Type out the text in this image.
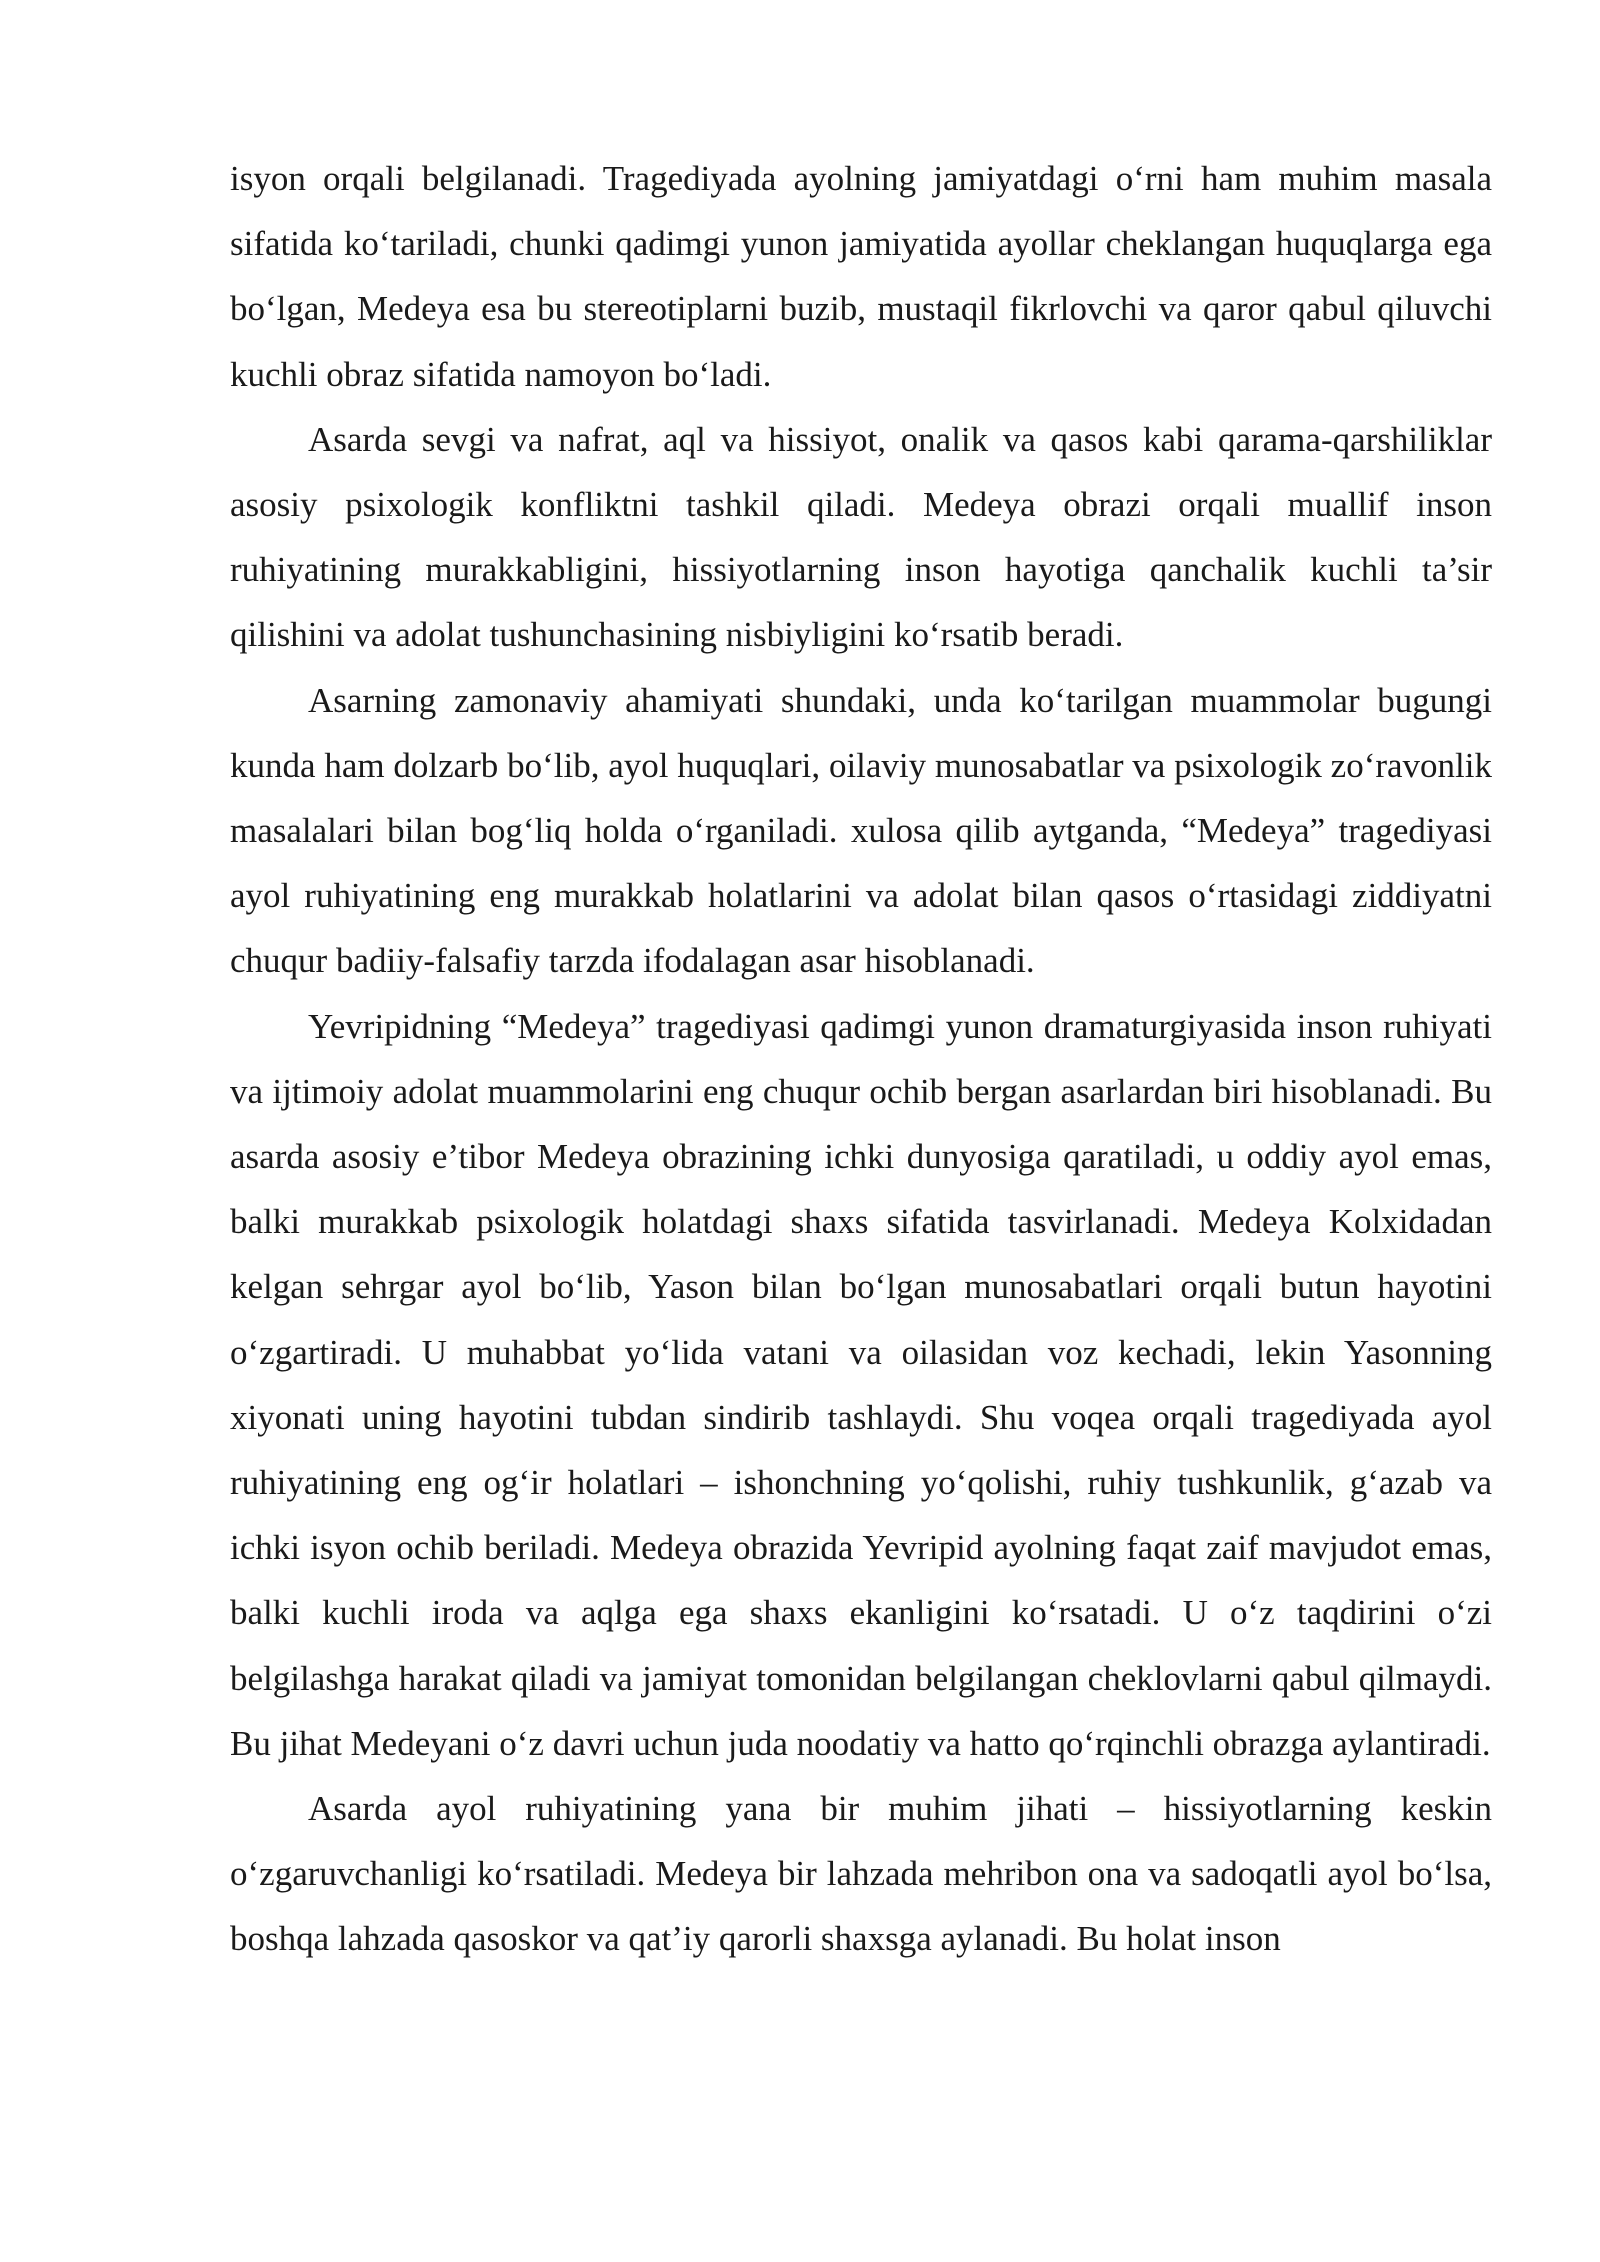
isyon orqali belgilanadi. Tragediyada ayolning jamiyatdagi o‘rni ham muhim masala sifatida ko‘tariladi, chunki qadimgi yunon jamiyatida ayollar cheklangan huquqlarga ega bo‘lgan, Medeya esa bu stereotiplarni buzib, mustaqil fikrlovchi va qaror qabul qiluvchi kuchli obraz sifatida namoyon bo‘ladi.

Asarda sevgi va nafrat, aql va hissiyot, onalik va qasos kabi qarama-qarshiliklar asosiy psixologik konfliktni tashkil qiladi. Medeya obrazi orqali muallif inson ruhiyatining murakkabligini, hissiyotlarning inson hayotiga qanchalik kuchli ta’sir qilishini va adolat tushunchasining nisbiyligini ko‘rsatib beradi.

Asarning zamonaviy ahamiyati shundaki, unda ko‘tarilgan muammolar bugungi kunda ham dolzarb bo‘lib, ayol huquqlari, oilaviy munosabatlar va psixologik zo‘ravonlik masalalari bilan bog‘liq holda o‘rganiladi. xulosa qilib aytganda, “Medeya” tragediyasi ayol ruhiyatining eng murakkab holatlarini va adolat bilan qasos o‘rtasidagi ziddiyatni chuqur badiiy-falsafiy tarzda ifodalagan asar hisoblanadi.

Yevripidning “Medeya” tragediyasi qadimgi yunon dramaturgiyasida inson ruhiyati va ijtimoiy adolat muammolarini eng chuqur ochib bergan asarlardan biri hisoblanadi. Bu asarda asosiy e’tibor Medeya obrazining ichki dunyosiga qaratiladi, u oddiy ayol emas, balki murakkab psixologik holatdagi shaxs sifatida tasvirlanadi. Medeya Kolxidadan kelgan sehrgar ayol bo‘lib, Yason bilan bo‘lgan munosabatlari orqali butun hayotini o‘zgartiradi. U muhabbat yo‘lida vatani va oilasidan voz kechadi, lekin Yasonning xiyonati uning hayotini tubdan sindirib tashlaydi. Shu voqea orqali tragediyada ayol ruhiyatining eng og‘ir holatlari – ishonchning yo‘qolishi, ruhiy tushkunlik, g‘azab va ichki isyon ochib beriladi. Medeya obrazida Yevripid ayolning faqat zaif mavjudot emas, balki kuchli iroda va aqlga ega shaxs ekanligini ko‘rsatadi. U o‘z taqdirini o‘zi belgilashga harakat qiladi va jamiyat tomonidan belgilangan cheklovlarni qabul qilmaydi. Bu jihat Medeyani o‘z davri uchun juda noodatiy va hatto qo‘rqinchli obrazga aylantiradi.

Asarda ayol ruhiyatining yana bir muhim jihati – hissiyotlarning keskin o‘zgaruvchanligi ko‘rsatiladi. Medeya bir lahzada mehribon ona va sadoqatli ayol bo‘lsa, boshqa lahzada qasoskor va qat’iy qarorli shaxsga aylanadi. Bu holat inson
